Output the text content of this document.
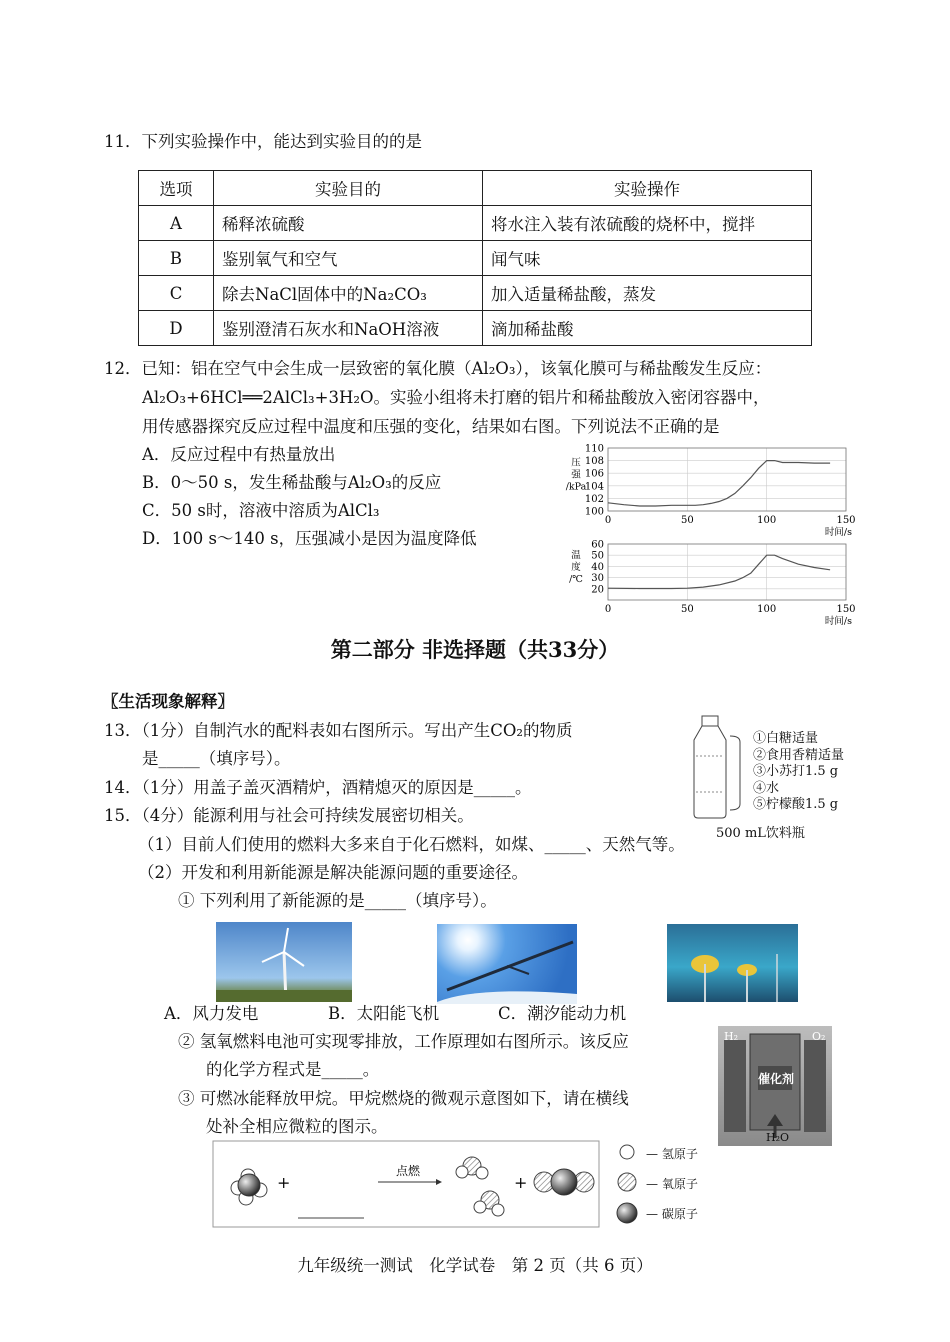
11．下列实验操作中，能达到实验目的的是
选项	实验目的	实验操作
A	稀释浓硫酸	将水注入装有浓硫酸的烧杯中，搅拌
B	鉴别氧气和空气	闻气味
C	除去NaCl固体中的Na₂CO₃	加入适量稀盐酸，蒸发
D	鉴别澄清石灰水和NaOH溶液	滴加稀盐酸
12．已知：铝在空气中会生成一层致密的氧化膜（Al₂O₃），该氧化膜可与稀盐酸发生反应：
Al₂O₃+6HCl══2AlCl₃+3H₂O。实验小组将未打磨的铝片和稀盐酸放入密闭容器中，
用传感器探究反应过程中温度和压强的变化，结果如右图。下列说法不正确的是
A．反应过程中有热量放出
B．0～50 s，发生稀盐酸与Al₂O₃的反应
C．50 s时，溶液中溶质为AlCl₃
D．100 s～140 s，压强减小是因为温度降低
100
102
104
106
108
110
0	50	100	150
压
强
/kPa
时间/s
20
30
40
50
60
0	50	100	150
温
度
/℃
时间/s
第二部分 非选择题（共33分）
〖生活现象解释〗
13．（1分）自制汽水的配料表如右图所示。写出产生CO₂的物质
是_____（填序号）。
①白糖适量
②食用香精适量
③小苏打1.5 g
④水
⑤柠檬酸1.5 g
500 mL饮料瓶
14．（1分）用盖子盖灭酒精炉，酒精熄灭的原因是_____。
15．（4分）能源利用与社会可持续发展密切相关。
（1）目前人们使用的燃料大多来自于化石燃料，如煤、_____、天然气等。
（2）开发和利用新能源是解决能源问题的重要途径。
① 下列利用了新能源的是_____（填序号）。
A．风力发电	B．太阳能飞机	C．潮汐能动力机
② 氢氧燃料电池可实现零排放，工作原理如右图所示。该反应
的化学方程式是_____。
③ 可燃冰能释放甲烷。甲烷燃烧的微观示意图如下，请在横线
处补全相应微粒的图示。
H₂	O₂
催化剂
H₂O
+
点燃
+
— 氢原子
— 氧原子
— 碳原子
九年级统一测试　化学试卷　第 2 页（共 6 页）
